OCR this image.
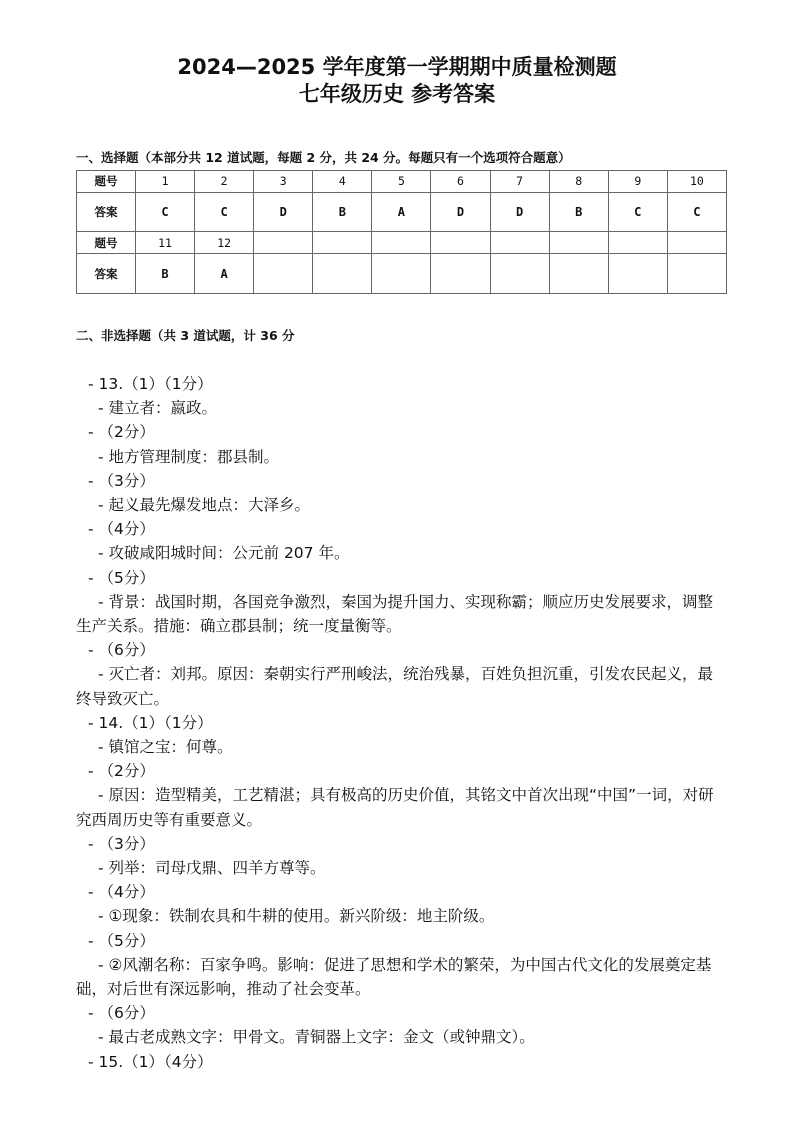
2024—2025 学年度第一学期期中质量检测题
七年级历史 参考答案
一、选择题（本部分共 12 道试题，每题 2 分，共 24 分。每题只有一个选项符合题意）
题号	1	2	3	4	5	6	7	8	9	10
答案	C	C	D	B	A	D	D	B	C	C
题号	11	12								
答案	B	A								
二、非选择题（共 3 道试题，计 36 分
- 13.（1）（1分）
- 建立者：嬴政。
- （2分）
- 地方管理制度：郡县制。
- （3分）
- 起义最先爆发地点：大泽乡。
- （4分）
- 攻破咸阳城时间：公元前 207 年。
- （5分）
- 背景：战国时期，各国竞争激烈，秦国为提升国力、实现称霸；顺应历史发展要求，调整生产关系。措施：确立郡县制；统一度量衡等。
- （6分）
- 灭亡者：刘邦。原因：秦朝实行严刑峻法，统治残暴，百姓负担沉重，引发农民起义，最终导致灭亡。
- 14.（1）（1分）
- 镇馆之宝：何尊。
- （2分）
- 原因：造型精美，工艺精湛；具有极高的历史价值，其铭文中首次出现“中国”一词，对研究西周历史等有重要意义。
- （3分）
- 列举：司母戊鼎、四羊方尊等。
- （4分）
- ①现象：铁制农具和牛耕的使用。新兴阶级：地主阶级。
- （5分）
- ②风潮名称：百家争鸣。影响：促进了思想和学术的繁荣，为中国古代文化的发展奠定基础，对后世有深远影响，推动了社会变革。
- （6分）
- 最古老成熟文字：甲骨文。青铜器上文字：金文（或钟鼎文）。
- 15.（1）（4分）
